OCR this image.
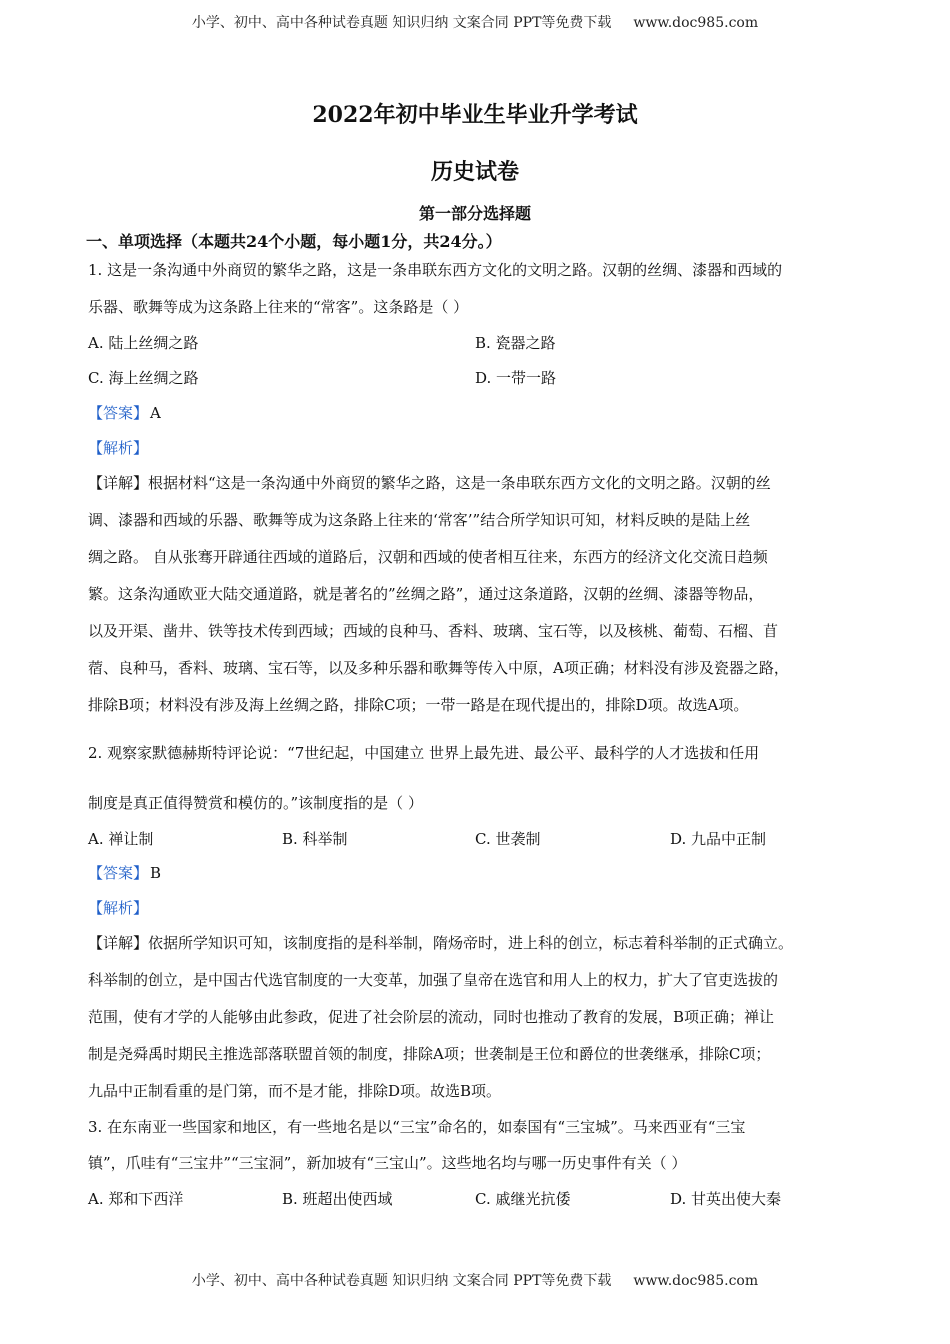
小学、初中、高中各种试卷真题 知识归纳 文案合同 PPT等免费下载 www.doc985.com
2022年初中毕业生毕业升学考试
历史试卷
第一部分选择题
一、单项选择（本题共24个小题，每小题1分，共24分。）
1. 这是一条沟通中外商贸的繁华之路，这是一条串联东西方文化的文明之路。汉朝的丝绸、漆器和西域的
乐器、歌舞等成为这条路上往来的“常客”。这条路是（ ）
A. 陆上丝绸之路	B. 瓷器之路
C. 海上丝绸之路	D. 一带一路
【答案】 A
【解析】
【详解】根据材料“这是一条沟通中外商贸的繁华之路，这是一条串联东西方文化的文明之路。汉朝的丝
调、漆器和西域的乐器、歌舞等成为这条路上往来的‘常客’”结合所学知识可知，材料反映的是陆上丝
绸之路。 自从张骞开辟通往西域的道路后，汉朝和西域的使者相互往来，东西方的经济文化交流日趋频
繁。这条沟通欧亚大陆交通道路，就是著名的”丝绸之路”，通过这条道路，汉朝的丝绸、漆器等物品，
以及开渠、凿井、铁等技术传到西域；西域的良种马、香料、玻璃、宝石等，以及核桃、葡萄、石榴、苜
蓿、良种马，香料、玻璃、宝石等，以及多种乐器和歌舞等传入中原，A项正确；材料没有涉及瓷器之路，
排除B项；材料没有涉及海上丝绸之路，排除C项；一带一路是在现代提出的，排除D项。故选A项。
2. 观察家默德赫斯特评论说：“7世纪起，中国建立 世界上最先进、最公平、最科学的人才选拔和任用
制度是真正值得赞赏和模仿的。”该制度指的是（ ）
A. 禅让制	B. 科举制	C. 世袭制	D. 九品中正制
【答案】 B
【解析】
【详解】依据所学知识可知，该制度指的是科举制，隋炀帝时，进上科的创立，标志着科举制的正式确立。
科举制的创立，是中国古代选官制度的一大变革，加强了皇帝在选官和用人上的权力，扩大了官吏选拔的
范围，使有才学的人能够由此参政，促进了社会阶层的流动，同时也推动了教育的发展，B项正确；禅让
制是尧舜禹时期民主推选部落联盟首领的制度，排除A项；世袭制是王位和爵位的世袭继承，排除C项；
九品中正制看重的是门第，而不是才能，排除D项。故选B项。
3. 在东南亚一些国家和地区，有一些地名是以“三宝”命名的，如泰国有“三宝城”。马来西亚有“三宝
镇”，爪哇有“三宝井”“三宝洞”，新加坡有“三宝山”。这些地名均与哪一历史事件有关（ ）
A. 郑和下西洋	B. 班超出使西域	C. 戚继光抗倭	D. 甘英出使大秦
小学、初中、高中各种试卷真题 知识归纳 文案合同 PPT等免费下载 www.doc985.com
